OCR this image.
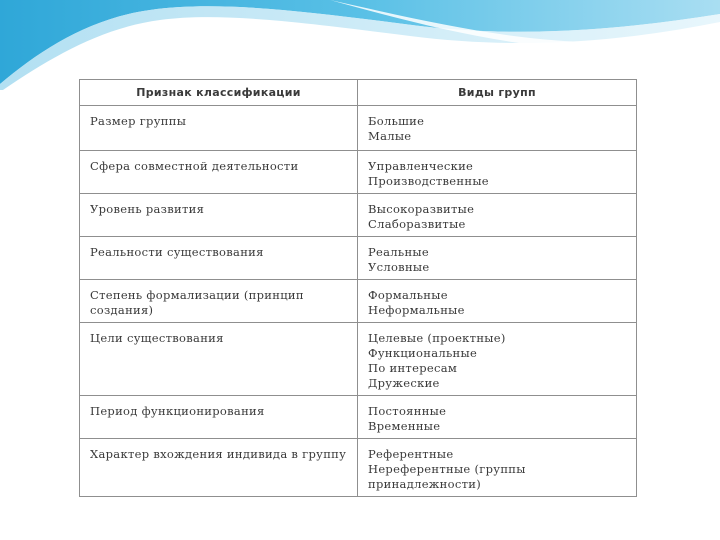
Признак классификации	Виды групп
Размер группы	Большие
Малые

Сфера совместной деятельности	Управленческие
Производственные

Уровень развития	Высокоразвитые
Слаборазвитые

Реальности существования	Реальные
Условные

Степень формализации (принцип создания)	Формальные
Неформальные

Цели существования	Целевые (проектные)
Функциональные
По интересам
Дружеские

Период функционирования	Постоянные
Временные

Характер вхождения индивида в группу	Референтные
Нереферентные (группы принадлежности)
